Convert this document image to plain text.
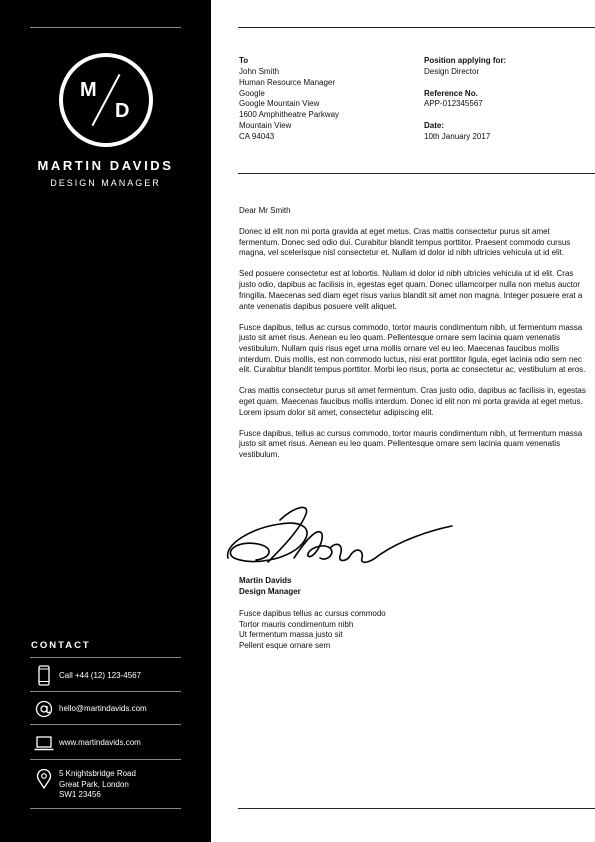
M
D
MARTIN DAVIDS
DESIGN MANAGER
CONTACT
Call +44 (12) 123-4567
hello@martindavids.com
www.martindavids.com
5 Knightsbridge Road
Great Park, London
SW1 23456
To
John Smith
Human Resource Manager
Google
Google Mountain View
1600 Amphitheatre Parkway
Mountain View
CA 94043
Position applying for:
Design Director
Reference No.
APP-012345567
Date:
10th January 2017
Dear Mr Smith

Donec id elit non mi porta gravida at eget metus. Cras mattis consectetur purus sit amet fermentum. Donec sed odio dui. Curabitur blandit tempus porttitor. Praesent commodo cursus magna, vel scelerisque nisl consectetur et. Nullam id dolor id nibh ultricies vehicula ut id elit.

Sed posuere consectetur est at lobortis. Nullam id dolor id nibh ultricies vehicula ut id elit. Cras justo odio, dapibus ac facilisis in, egestas eget quam. Donec ullamcorper nulla non metus auctor fringilla. Maecenas sed diam eget risus varius blandit sit amet non magna. Integer posuere erat a ante venenatis dapibus posuere velit aliquet.

Fusce dapibus, tellus ac cursus commodo, tortor mauris condimentum nibh, ut fermentum massa justo sit amet risus. Aenean eu leo quam. Pellentesque ornare sem lacinia quam venenatis vestibulum. Nullam quis risus eget urna mollis ornare vel eu leo. Maecenas faucibus mollis interdum. Duis mollis, est non commodo luctus, nisi erat porttitor ligula, eget lacinia odio sem nec elit. Curabitur blandit tempus porttitor. Morbi leo risus, porta ac consectetur ac, vestibulum at eros.

Cras mattis consectetur purus sit amet fermentum. Cras justo odio, dapibus ac facilisis in, egestas eget quam. Maecenas faucibus mollis interdum. Donec id elit non mi porta gravida at eget metus. Lorem ipsum dolor sit amet, consectetur adipiscing elit.

Fusce dapibus, tellus ac cursus commodo, tortor mauris condimentum nibh, ut fermentum massa justo sit amet risus. Aenean eu leo quam. Pellentesque ornare sem lacinia quam venenatis vestibulum.

Martin Davids
Design Manager
Fusce dapibus tellus ac cursus commodo
Tortor mauris condimentum nibh
Ut fermentum massa justo sit
Pellent esque ornare sem
